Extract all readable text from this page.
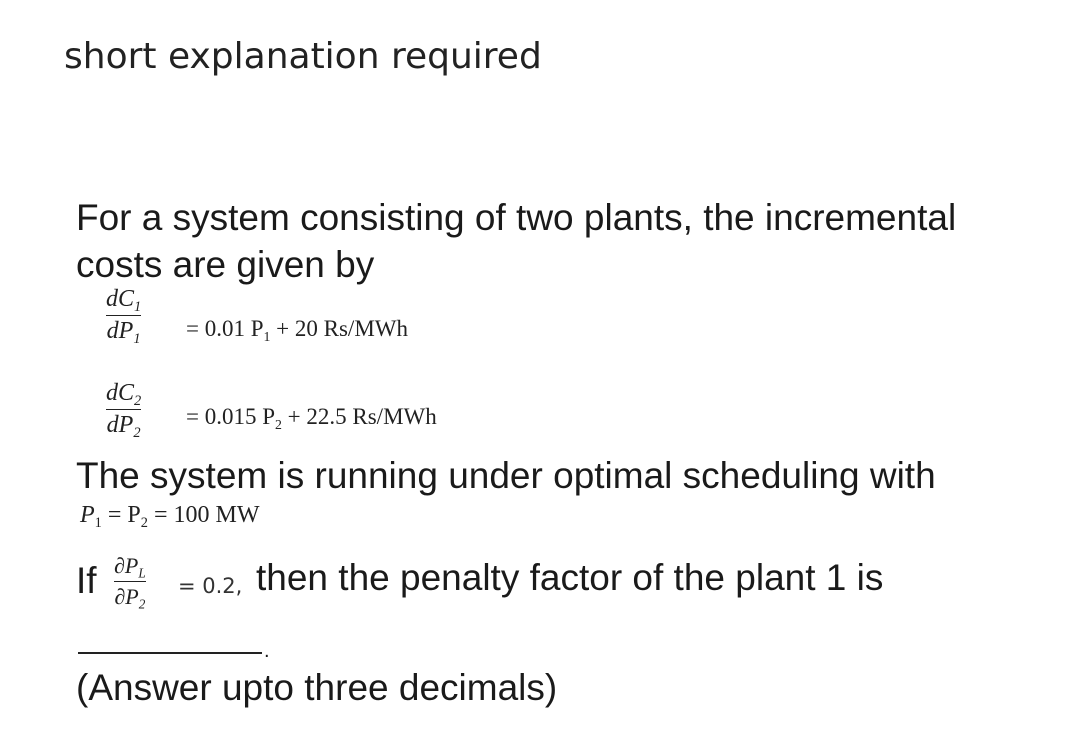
short explanation required
For a system consisting of two plants, the incremental costs are given by
$dC_1$
$dP_1 = 0.01$ $P_1 + 20$ Rs/MWh
$dC_2$
$dP_2$
= 0.015 $P_2 + 22.5$ Rs/MWh
The system is running under optimal scheduling with
$P_1 = P_2 = 100$ MW
If $\partial P_L$
$\partial P_2$
= 0.2, then the penalty factor of the plant 1 is
.
(Answer upto three decimals)
